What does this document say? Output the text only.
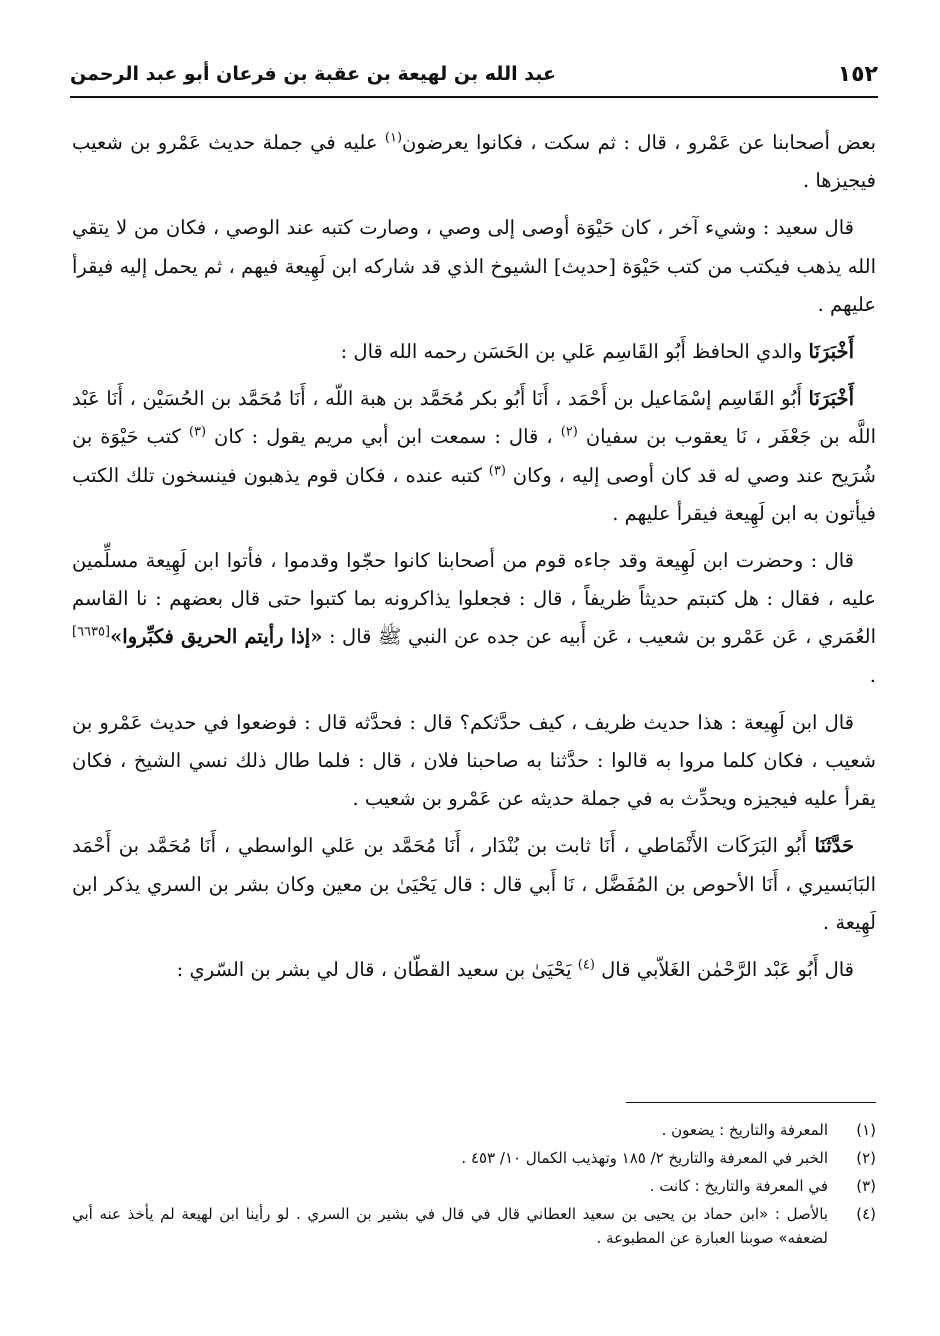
١٥٢
عبد الله بن لهيعة بن عقبة بن فرعان أبو عبد الرحمن

بعض أصحابنا عن عَمْرو ، قال : ثم سكت ، فكانوا يعرضون$^{(١)}$ عليه في جملة حديث عَمْرو بن شعيب فيجيزها .

قال سعيد : وشيء آخر ، كان حَيْوَة أوصى إلى وصي ، وصارت كتبه عند الوصي ، فكان من لا يتقي الله يذهب فيكتب من كتب حَيْوَة [حديث] الشيوخ الذي قد شاركه ابن لَهِيعة فيهم ، ثم يحمل إليه فيقرأ عليهم .

أَخْبَرَنَا والدي الحافظ أَبُو القَاسِم عَلي بن الحَسَن رحمه الله قال :

أَخْبَرَنَا أَبُو القَاسِم إسْمَاعيل بن أَحْمَد ، أَنَا أَبُو بكر مُحَمَّد بن هبة اللّه ، أَنَا مُحَمَّد بن الحُسَيْن ، أَنَا عَبْد اللَّه بن جَعْفَر ، نَا يعقوب بن سفيان $^{(٢)}$ ، قال : سمعت ابن أبي مريم يقول : كان $^{(٣)}$ كتب حَيْوَة بن شُرَيح عند وصي له قد كان أوصى إليه ، وكان $^{(٣)}$ كتبه عنده ، فكان قوم يذهبون فينسخون تلك الكتب فيأتون به ابن لَهِيعة فيقرأ عليهم .

قال : وحضرت ابن لَهِيعة وقد جاءه قوم من أصحابنا كانوا حجّوا وقدموا ، فأتوا ابن لَهِيعة مسلِّمين عليه ، فقال : هل كتبتم حديثاً ظريفاً ، قال : فجعلوا يذاكرونه بما كتبوا حتى قال بعضهم : نا القاسم العُمَري ، عَن عَمْرو بن شعيب ، عَن أَبيه عن جده عن النبي ﷺ قال : «إذا رأيتم الحريق فكبِّروا»[٦٦٣٥] .

قال ابن لَهِيعة : هذا حديث ظريف ، كيف حدَّثكم؟ قال : فحدَّثه قال : فوضعوا في حديث عَمْرو بن شعيب ، فكان كلما مروا به قالوا : حدَّثنا به صاحبنا فلان ، قال : فلما طال ذلك نسي الشيخ ، فكان يقرأ عليه فيجيزه ويحدِّث به في جملة حديثه عن عَمْرو بن شعيب .

حَدَّثَنَا أَبُو البَرَكَات الأَنْمَاطي ، أَنَا ثابت بن بُنْدَار ، أَنَا مُحَمَّد بن عَلي الواسطي ، أَنَا مُحَمَّد بن أَحْمَد البَابَسيري ، أَنَا الأحوص بن المُفَضَّل ، نَا أَبي قال : قال يَحْيَىٰ بن معين وكان بشر بن السري يذكر ابن لَهِيعة .

قال أَبُو عَبْد الرَّحْمٰن الغَلاّبي قال $^{(٤)}$ يَحْيَىٰ بن سعيد القطّان ، قال لي بشر بن السّري :

(١)
المعرفة والتاريخ : يضعون .
(٢)
الخبر في المعرفة والتاريخ ٢/ ١٨٥ وتهذيب الكمال ١٠/ ٤٥٣ .
(٣)
في المعرفة والتاريخ : كانت .
(٤)
بالأصل : «ابن حماد بن يحيى بن سعيد العطاني قال في قال في بشير بن السري . لو رأينا ابن لهيعة لم يأخذ عنه أبي لضعفه» صوبنا العبارة عن المطبوعة .
